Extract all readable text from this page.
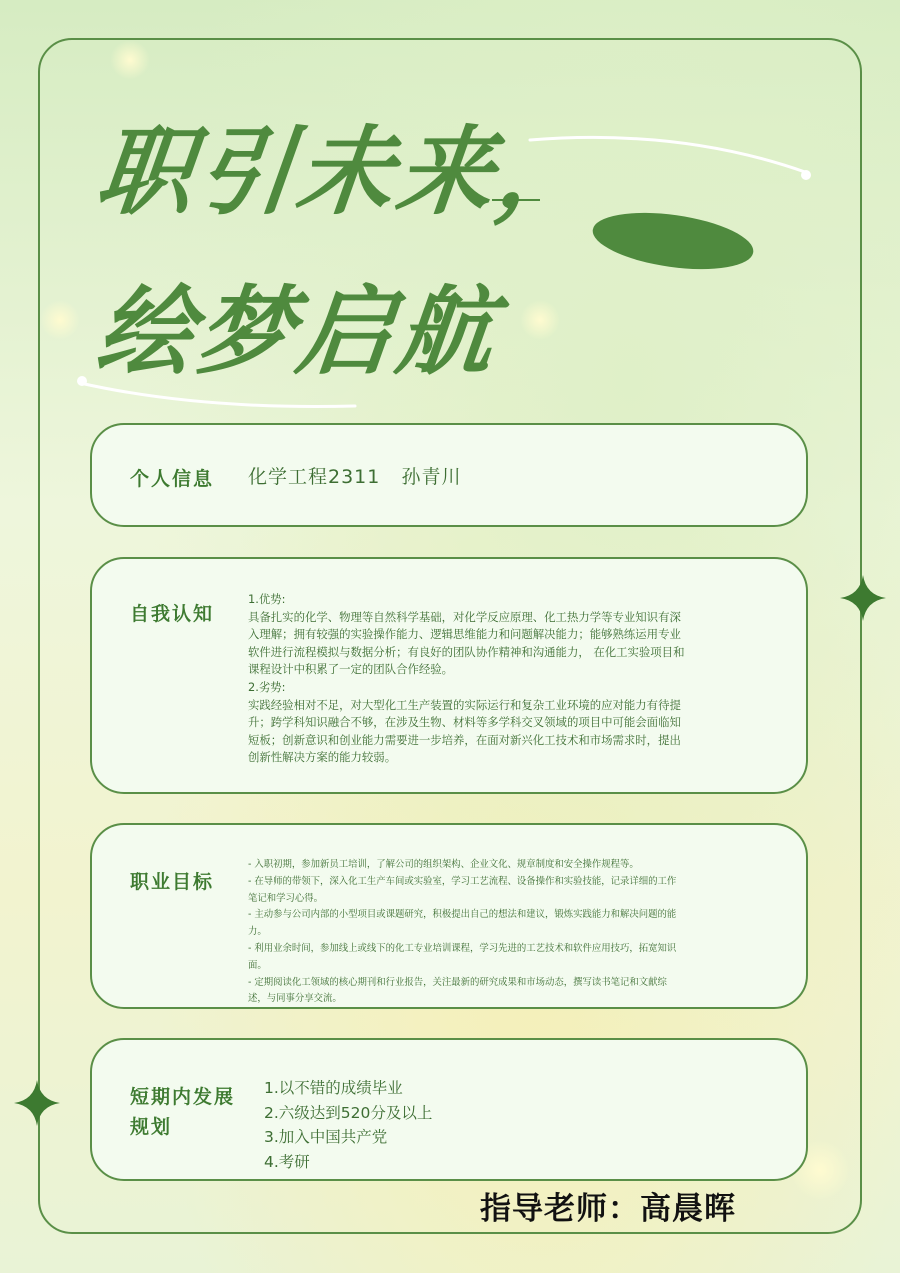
职引未来，
绘梦启航
个人信息 化学工程2311   孙青川
自我认知
1.优势:
具备扎实的化学、物理等自然科学基础，对化学反应原理、化工热力学等专业知识有深
入理解；拥有较强的实验操作能力、逻辑思维能力和问题解决能力；能够熟练运用专业
软件进行流程模拟与数据分析；有良好的团队协作精神和沟通能力， 在化工实验项目和
课程设计中积累了一定的团队合作经验。
2.劣势:
实践经验相对不足，对大型化工生产装置的实际运行和复杂工业环境的应对能力有待提
升；跨学科知识融合不够，在涉及生物、材料等多学科交叉领域的项目中可能会面临知
短板；创新意识和创业能力需要进一步培养，在面对新兴化工技术和市场需求时，提出
创新性解决方案的能力较弱。
职业目标
- 入职初期，参加新员工培训，了解公司的组织架构、企业文化、规章制度和安全操作规程等。
- 在导师的带领下，深入化工生产车间或实验室，学习工艺流程、设备操作和实验技能，记录详细的工作
笔记和学习心得。
- 主动参与公司内部的小型项目或课题研究，积极提出自己的想法和建议，锻炼实践能力和解决问题的能
力。
- 利用业余时间，参加线上或线下的化工专业培训课程，学习先进的工艺技术和软件应用技巧，拓宽知识
面。
- 定期阅读化工领域的核心期刊和行业报告，关注最新的研究成果和市场动态，撰写读书笔记和文献综
述，与同事分享交流。
短期内发展
规划
1.以不错的成绩毕业
2.六级达到520分及以上
3.加入中国共产党
4.考研
指导老师：高晨晖
